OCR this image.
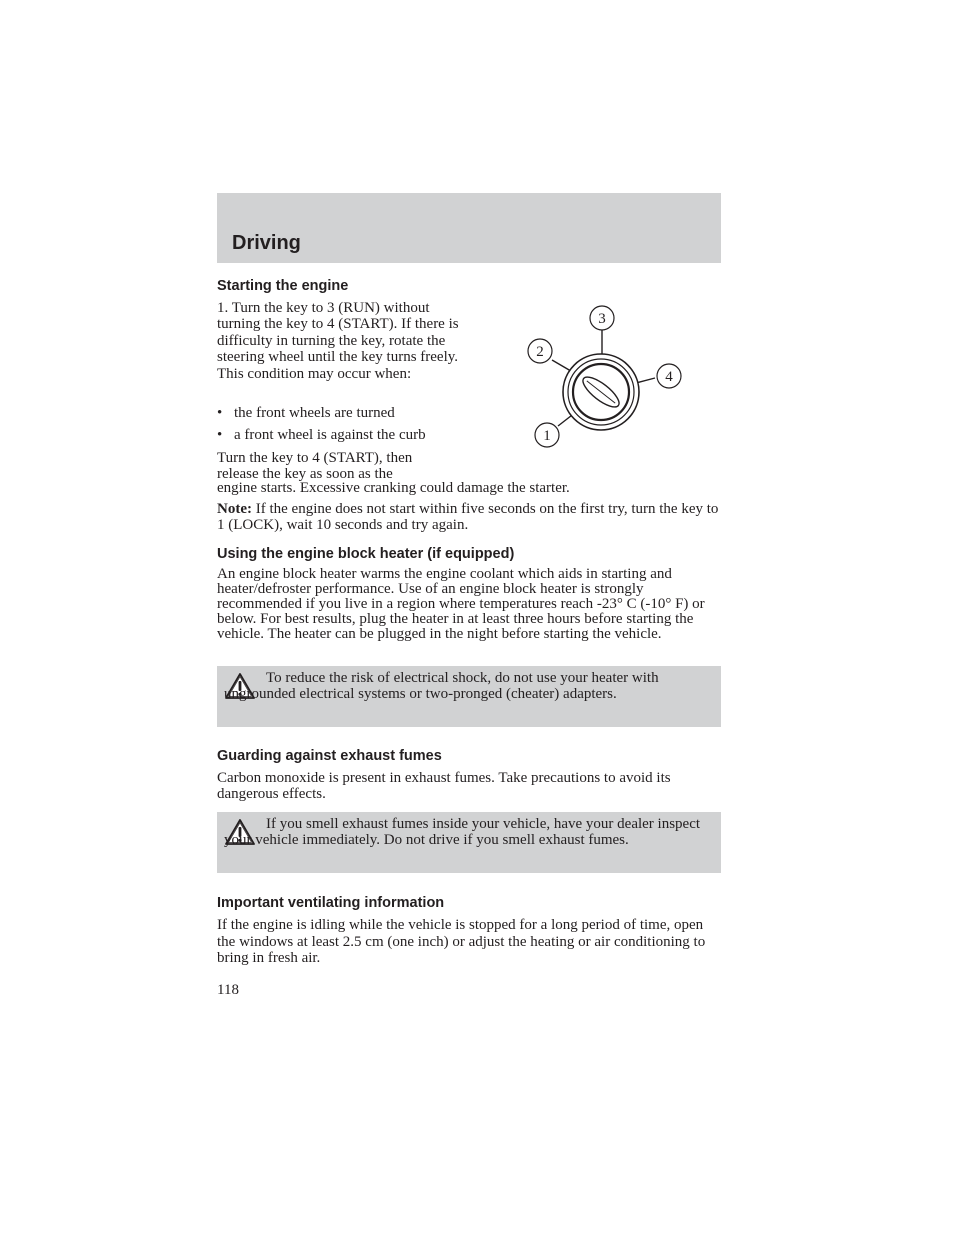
Driving
Starting the engine

1. Turn the key to 3 (RUN) without turning the key to 4 (START). If there is difficulty in turning the key, rotate the steering wheel until the key turns freely. This condition may occur when:

• the front wheels are turned
• a front wheel is against the curb

Turn the key to 4 (START), then release the key as soon as the

engine starts. Excessive cranking could damage the starter.

Note: If the engine does not start within five seconds on the first try, turn the key to 1 (LOCK), wait 10 seconds and try again.

3
2
4
1
Using the engine block heater (if equipped)

An engine block heater warms the engine coolant which aids in starting and heater/defroster performance. Use of an engine block heater is strongly recommended if you live in a region where temperatures reach -23° C (-10° F) or below. For best results, plug the heater in at least three hours before starting the vehicle. The heater can be plugged in the night before starting the vehicle.

To reduce the risk of electrical shock, do not use your heater with ungrounded electrical systems or two-pronged (cheater) adapters.

Guarding against exhaust fumes

Carbon monoxide is present in exhaust fumes. Take precautions to avoid its dangerous effects.

If you smell exhaust fumes inside your vehicle, have your dealer inspect your vehicle immediately. Do not drive if you smell exhaust fumes.

Important ventilating information

If the engine is idling while the vehicle is stopped for a long period of time, open the windows at least 2.5 cm (one inch) or adjust the heating or air conditioning to bring in fresh air.

118
